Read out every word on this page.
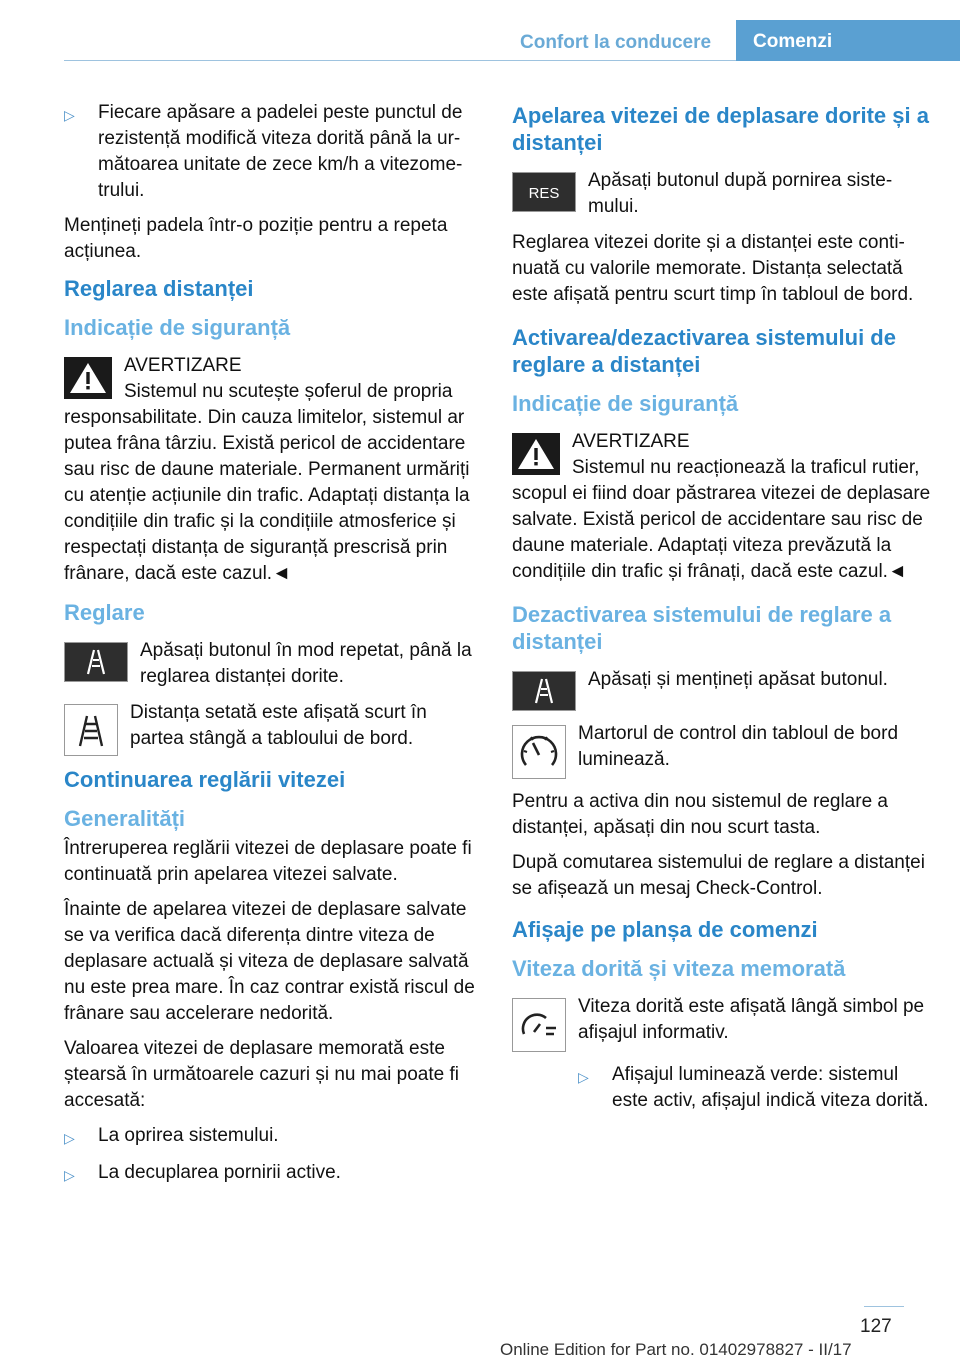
Confort la conducere	Comenzi
▷	Fiecare apăsare a padelei peste punctul de rezistență modifică viteza dorită până la următoarea unitate de zece km/h a vitezometrului.

Mențineți padela într-o poziție pentru a repeta acțiunea.

Reglarea distanței
Indicație de siguranță
AVERTIZARE
Sistemul nu scutește șoferul de propria responsabilitate. Din cauza limitelor, sistemul ar putea frâna târziu. Există pericol de accidentare sau risc de daune materiale. Permanent urmăriți cu atenție acțiunile din trafic. Adaptați distanța la condițiile din trafic și la condițiile atmosferice și respectați distanța de siguranță prescrisă prin frânare, dacă este cazul.◄
Reglare
Apăsați butonul în mod repetat, până la reglarea distanței dorite.
Distanța setată este afișată scurt în partea stângă a tabloului de bord.
Continuarea reglării vitezei
Generalități

Întreruperea reglării vitezei de deplasare poate fi continuată prin apelarea vitezei salvate.

Înainte de apelarea vitezei de deplasare salvate se va verifica dacă diferența dintre viteza de deplasare actuală și viteza de deplasare salvată nu este prea mare. În caz contrar există riscul de frânare sau accelerare nedorită.

Valoarea vitezei de deplasare memorată este ștearsă în următoarele cazuri și nu mai poate fi accesată:

▷	La oprirea sistemului.
▷	La decuplarea pornirii active.
Apelarea vitezei de deplasare dorite și a distanței
RES
Apăsați butonul după pornirea sistemului.

Reglarea vitezei dorite și a distanței este continuată cu valorile memorate. Distanța selectată este afișată pentru scurt timp în tabloul de bord.

Activarea/dezactivarea sistemului de reglare a distanței
Indicație de siguranță
AVERTIZARE
Sistemul nu reacționează la traficul rutier, scopul ei fiind doar păstrarea vitezei de deplasare salvate. Există pericol de accidentare sau risc de daune materiale. Adaptați viteza prevăzută la condițiile din trafic și frânați, dacă este cazul.◄
Dezactivarea sistemului de reglare a distanței
Apăsați și mențineți apăsat butonul.
Martorul de control din tabloul de bord luminează.

Pentru a activa din nou sistemul de reglare a distanței, apăsați din nou scurt tasta.

După comutarea sistemului de reglare a distanței se afișează un mesaj Check-Control.

Afișaje pe planșa de comenzi
Viteza dorită și viteza memorată
Viteza dorită este afișată lângă simbol pe afișajul informativ.
▷	Afișajul luminează verde: sistemul este activ, afișajul indică viteza dorită.
127
Online Edition for Part no. 01402978827 - II/17
